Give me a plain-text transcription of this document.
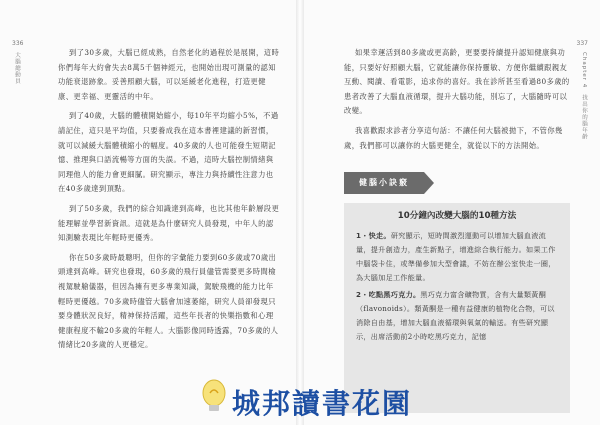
336
大腦總動員	到了30多歲，大腦已經成熟，自然老化的過程於是展開，這時你們每年大約會失去8萬5千個神經元，也開始出現可測量的認知功能衰退跡象。妥善照顧大腦，可以延緩老化進程，打造更健康、更幸福、更靈活的中年。

到了40歲，大腦的體積開始縮小，每10年平均縮小5%，不過請記住，這只是平均值，只要養成我在這本書裡建議的新習慣，就可以減緩大腦體積縮小的幅度。40多歲的人也可能發生短期記憶、推理與口語流暢等方面的失誤。不過，這時大腦控制情緒與同理他人的能力會更細膩。研究顯示，專注力與持續性注意力也在40多歲達到頂點。

到了50多歲，我們的綜合知識達到高峰，也比其他年齡層段更能理解並學習新資訊。這就是為什麼研究人員發現，中年人的認知測驗表現比年輕時更優秀。

你在50多歲時最聰明，但你的字彙能力要到60多歲或70歲出頭達到高峰。研究也發現，60多歲的飛行員儘管需要更多時間檢視駕駛艙儀器，但因為擁有更多專業知識，駕駛飛機的能力比年輕時更優越。70多歲時儘管大腦會加速萎縮，研究人員卻發現只要身體狀況良好，精神保持活躍，這些年長者的快樂指數和心理健康程度不輸20多歲的年輕人。大腦影像同時透露，70多歲的人情緒比20多歲的人更穩定。

337
Chapter 4　找出你的腦年齡

如果幸運活到80多歲或更高齡，更要要持續提升認知健康與功能，只要好好照顧大腦，它就能讓你保持靈敏、方便你繼續跟親友互動、閱讀、看電影，追求你的喜好。我在診所甚至看過80多歲的患者改善了大腦血液循環，提升大腦功能，別忘了，大腦隨時可以改變。

我喜歡跟求診者分享這句話：不讓任何大腦被拋下，不管你幾歲，我們都可以讓你的大腦更健全，就從以下的方法開始。

健腦小訣竅
10分鐘內改變大腦的10種方法

1・快走。研究顯示，短時間激烈運動可以增加大腦血液流量，提升創造力，產生新點子，增進綜合執行能力。如果工作中腦袋卡住，或準備參加大型會議，不妨在辦公室快走一圈，為大腦加足工作能量。

2・吃點黑巧克力。黑巧克力富含礦物質，含有大量類黃酮（flavonoids）。類黃酮是一種有益健康的植物化合物，可以消除自由基，增加大腦血液循環與氧氣的輸送。有些研究顯示，出席活動前2小時吃黑巧克力，記憶

城邦讀書花園
